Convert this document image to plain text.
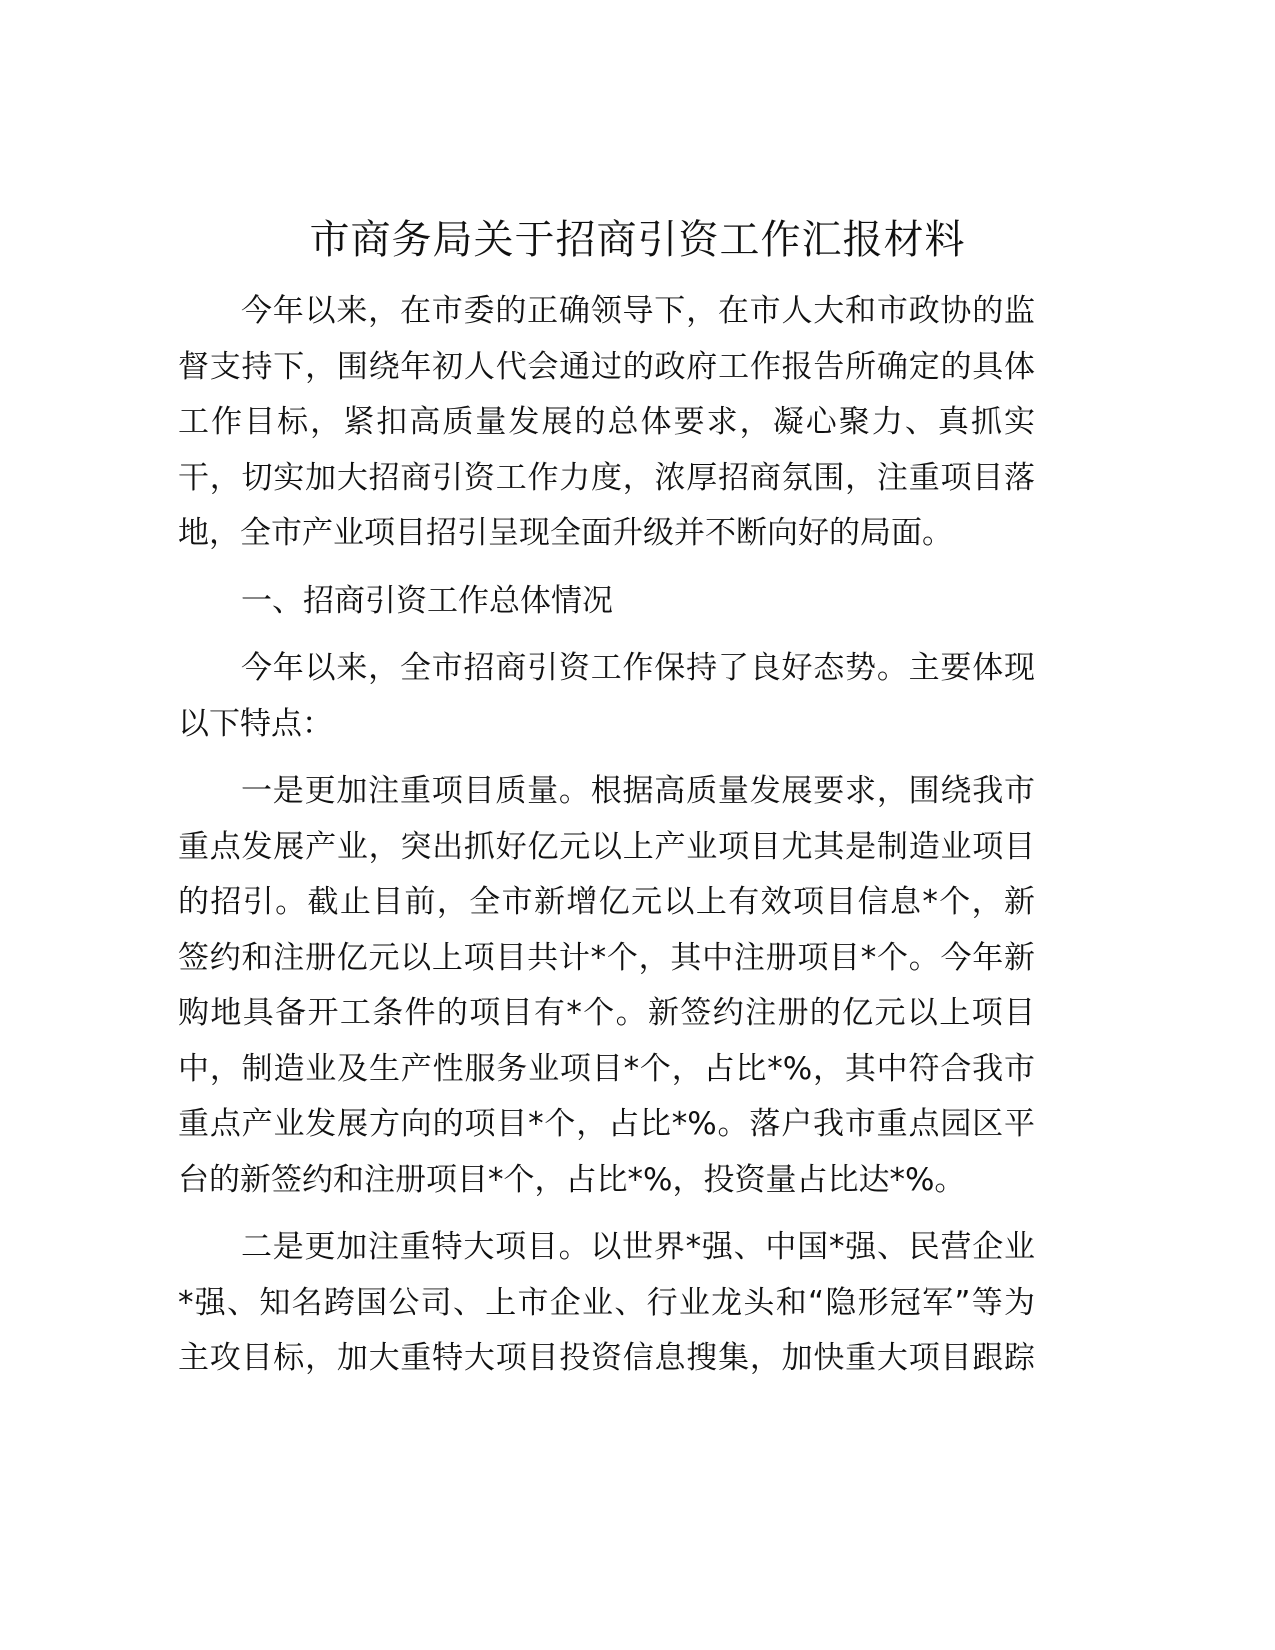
市商务局关于招商引资工作汇报材料
今年以来，在市委的正确领导下，在市人大和市政协的监
督支持下，围绕年初人代会通过的政府工作报告所确定的具体
工作目标，紧扣高质量发展的总体要求，凝心聚力、真抓实
干，切实加大招商引资工作力度，浓厚招商氛围，注重项目落
地，全市产业项目招引呈现全面升级并不断向好的局面。
一、招商引资工作总体情况
今年以来，全市招商引资工作保持了良好态势。主要体现
以下特点：
一是更加注重项目质量。根据高质量发展要求，围绕我市
重点发展产业，突出抓好亿元以上产业项目尤其是制造业项目
的招引。截止目前，全市新增亿元以上有效项目信息*个，新
签约和注册亿元以上项目共计*个，其中注册项目*个。今年新
购地具备开工条件的项目有*个。新签约注册的亿元以上项目
中，制造业及生产性服务业项目*个，占比*%，其中符合我市
重点产业发展方向的项目*个，占比*%。落户我市重点园区平
台的新签约和注册项目*个，占比*%，投资量占比达*%。
二是更加注重特大项目。以世界*强、中国*强、民营企业
*强、知名跨国公司、上市企业、行业龙头和“隐形冠军”等为
主攻目标，加大重特大项目投资信息搜集，加快重大项目跟踪
